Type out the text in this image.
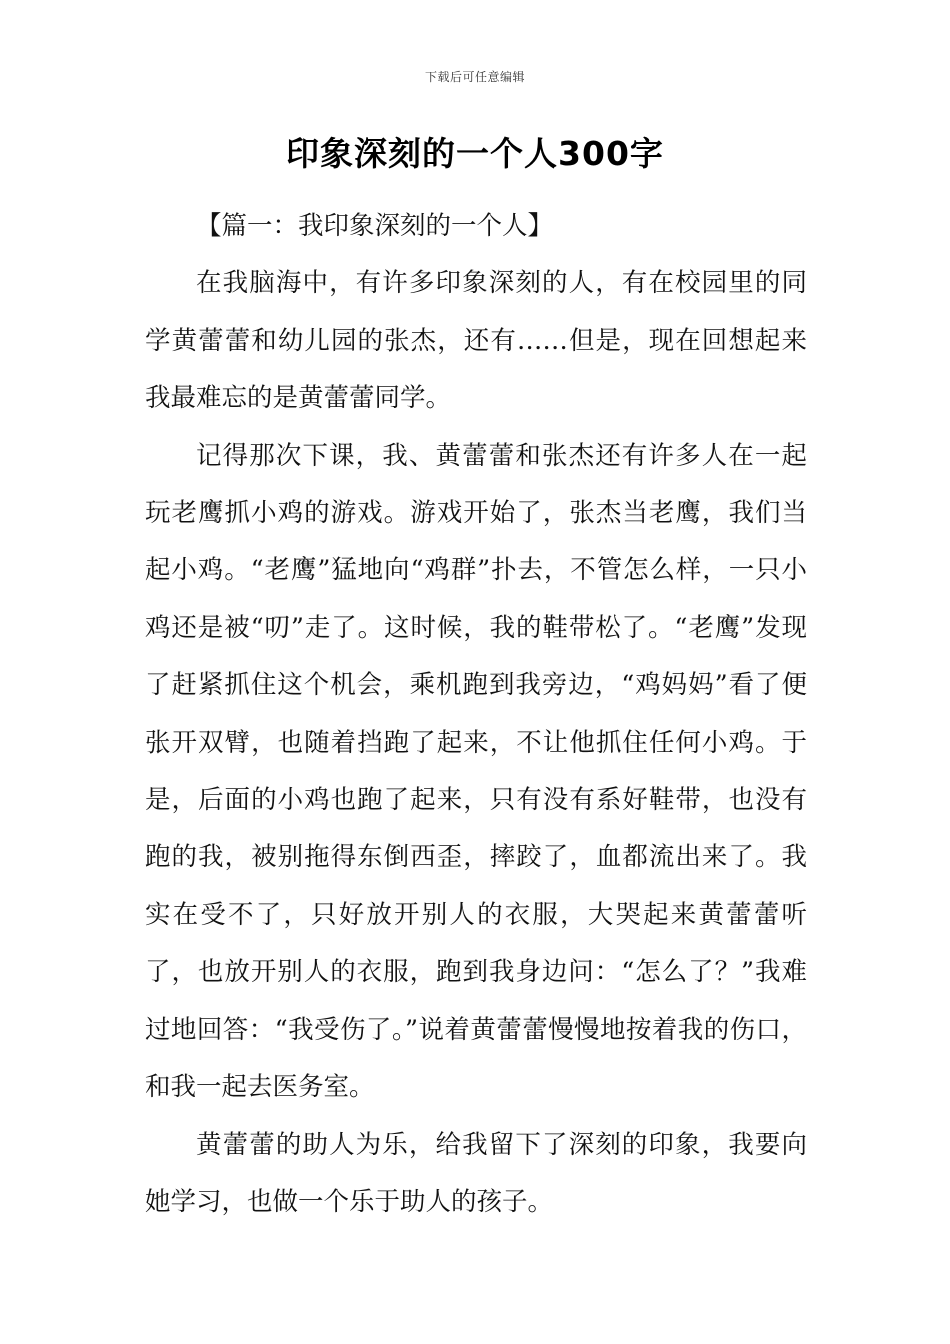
下载后可任意编辑
印象深刻的一个人300字

【篇一：我印象深刻的一个人】

在我脑海中，有许多印象深刻的人，有在校园里的同学黄蕾蕾和幼儿园的张杰，还有……但是，现在回想起来我最难忘的是黄蕾蕾同学。

记得那次下课，我、黄蕾蕾和张杰还有许多人在一起玩老鹰抓小鸡的游戏。游戏开始了，张杰当老鹰，我们当起小鸡。“老鹰”猛地向“鸡群”扑去，不管怎么样，一只小鸡还是被“叨”走了。这时候，我的鞋带松了。“老鹰”发现了赶紧抓住这个机会，乘机跑到我旁边，“鸡妈妈”看了便张开双臂，也随着挡跑了起来，不让他抓住任何小鸡。于是，后面的小鸡也跑了起来，只有没有系好鞋带，也没有跑的我，被别拖得东倒西歪，摔跤了，血都流出来了。我实在受不了，只好放开别人的衣服，大哭起来黄蕾蕾听了，也放开别人的衣服，跑到我身边问：“怎么了？”我难过地回答：“我受伤了。”说着黄蕾蕾慢慢地按着我的伤口，和我一起去医务室。

黄蕾蕾的助人为乐，给我留下了深刻的印象，我要向她学习，也做一个乐于助人的孩子。
